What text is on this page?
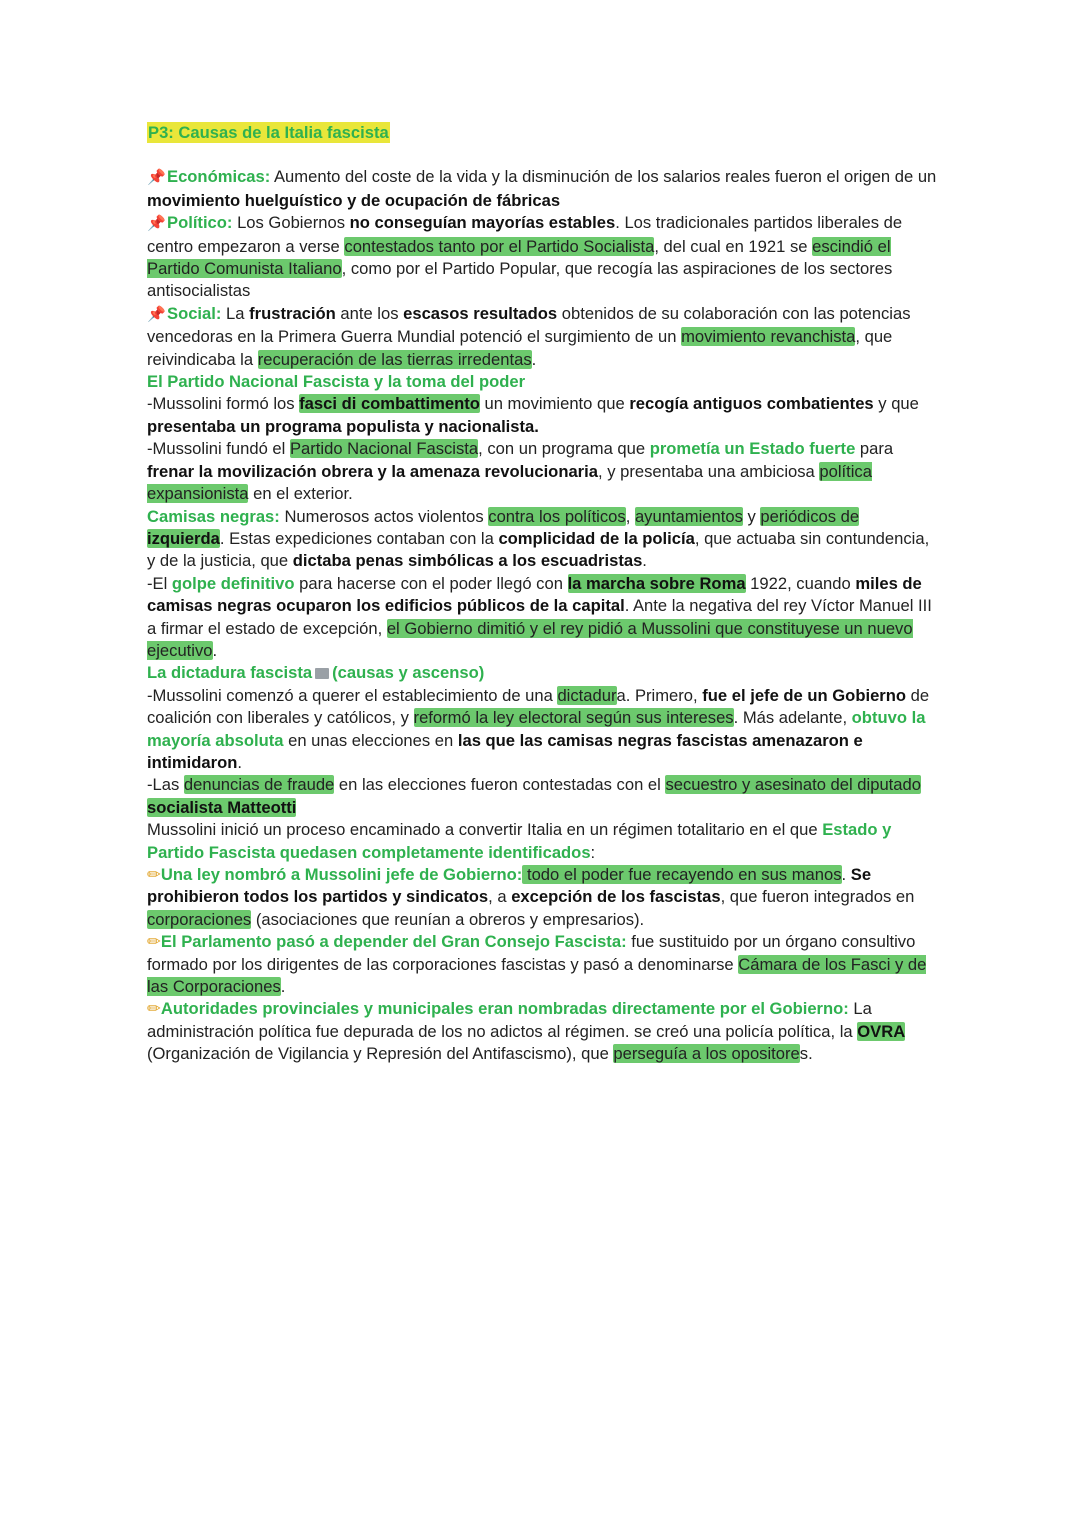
P3: Causas de la Italia fascista

📌Económicas: Aumento del coste de la vida y la disminución de los salarios reales fueron el origen de un movimiento huelguístico y de ocupación de fábricas

📌Político: Los Gobiernos no conseguían mayorías estables. Los tradicionales partidos liberales de centro empezaron a verse contestados tanto por el Partido Socialista, del cual en 1921 se escindió el Partido Comunista Italiano, como por el Partido Popular, que recogía las aspiraciones de los sectores antisocialistas

📌Social: La frustración ante los escasos resultados obtenidos de su colaboración con las potencias vencedoras en la Primera Guerra Mundial potenció el surgimiento de un movimiento revanchista, que reivindicaba la recuperación de las tierras irredentas.

El Partido Nacional Fascista y la toma del poder

-Mussolini formó los fasci di combattimento un movimiento que recogía antiguos combatientes y que presentaba un programa populista y nacionalista.

-Mussolini fundó el Partido Nacional Fascista, con un programa que prometía un Estado fuerte para frenar la movilización obrera y la amenaza revolucionaria, y presentaba una ambiciosa política expansionista en el exterior.

Camisas negras: Numerosos actos violentos contra los políticos, ayuntamientos y periódicos de izquierda. Estas expediciones contaban con la complicidad de la policía, que actuaba sin contundencia, y de la justicia, que dictaba penas simbólicas a los escuadristas.

-El golpe definitivo para hacerse con el poder llegó con la marcha sobre Roma 1922, cuando miles de camisas negras ocuparon los edificios públicos de la capital. Ante la negativa del rey Víctor Manuel III a firmar el estado de excepción, el Gobierno dimitió y el rey pidió a Mussolini que constituyese un nuevo ejecutivo.

La dictadura fascista (causas y ascenso)

-Mussolini comenzó a querer el establecimiento de una dictadura. Primero, fue el jefe de un Gobierno de coalición con liberales y católicos, y reformó la ley electoral según sus intereses. Más adelante, obtuvo la mayoría absoluta en unas elecciones en las que las camisas negras fascistas amenazaron e intimidaron.

-Las denuncias de fraude en las elecciones fueron contestadas con el secuestro y asesinato del diputado socialista Matteotti

Mussolini inició un proceso encaminado a convertir Italia en un régimen totalitario en el que Estado y Partido Fascista quedasen completamente identificados:

✏Una ley nombró a Mussolini jefe de Gobierno: todo el poder fue recayendo en sus manos. Se prohibieron todos los partidos y sindicatos, a excepción de los fascistas, que fueron integrados en corporaciones (asociaciones que reunían a obreros y empresarios).

✏El Parlamento pasó a depender del Gran Consejo Fascista: fue sustituido por un órgano consultivo formado por los dirigentes de las corporaciones fascistas y pasó a denominarse Cámara de los Fasci y de las Corporaciones.

✏Autoridades provinciales y municipales eran nombradas directamente por el Gobierno: La administración política fue depurada de los no adictos al régimen. se creó una policía política, la OVRA (Organización de Vigilancia y Represión del Antifascismo), que perseguía a los opositores.
